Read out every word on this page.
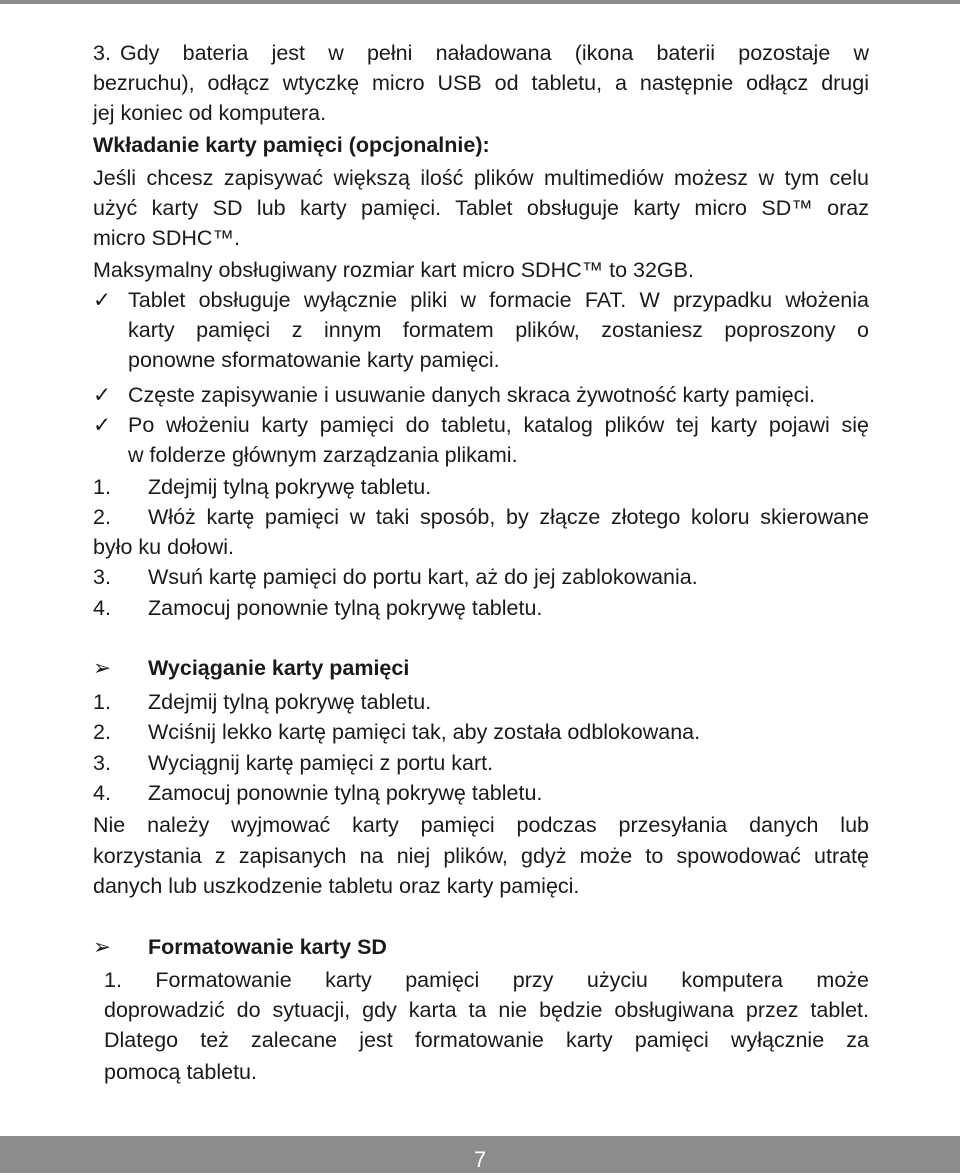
3. Gdy bateria jest w pełni naładowana (ikona baterii pozostaje w
bezruchu), odłącz wtyczkę micro USB od tabletu, a następnie odłącz drugi
jej koniec od komputera.
Wkładanie karty pamięci (opcjonalnie):
Jeśli chcesz zapisywać większą ilość plików multimediów możesz w tym celu
użyć karty SD lub karty pamięci. Tablet obsługuje karty micro SD™ oraz
micro SDHC™.
Maksymalny obsługiwany rozmiar kart micro SDHC™ to 32GB.
✓ Tablet obsługuje wyłącznie pliki w formacie FAT. W przypadku włożenia
karty pamięci z innym formatem plików, zostaniesz poproszony o
ponowne sformatowanie karty pamięci.
✓ Częste zapisywanie i usuwanie danych skraca żywotność karty pamięci.
✓ Po włożeniu karty pamięci do tabletu, katalog plików tej karty pojawi się
w folderze głównym zarządzania plikami.
1. Zdejmij tylną pokrywę tabletu.
2. Włóż kartę pamięci w taki sposób, by złącze złotego koloru skierowane
było ku dołowi.
3. Wsuń kartę pamięci do portu kart, aż do jej zablokowania.
4. Zamocuj ponownie tylną pokrywę tabletu.
➢ Wyciąganie karty pamięci
1. Zdejmij tylną pokrywę tabletu.
2. Wciśnij lekko kartę pamięci tak, aby została odblokowana.
3. Wyciągnij kartę pamięci z portu kart.
4. Zamocuj ponownie tylną pokrywę tabletu.
Nie należy wyjmować karty pamięci podczas przesyłania danych lub
korzystania z zapisanych na niej plików, gdyż może to spowodować utratę
danych lub uszkodzenie tabletu oraz karty pamięci.
➢ Formatowanie karty SD
1. Formatowanie karty pamięci przy użyciu komputera może
doprowadzić do sytuacji, gdy karta ta nie będzie obsługiwana przez tablet.
Dlatego też zalecane jest formatowanie karty pamięci wyłącznie za
pomocą tabletu.
7
